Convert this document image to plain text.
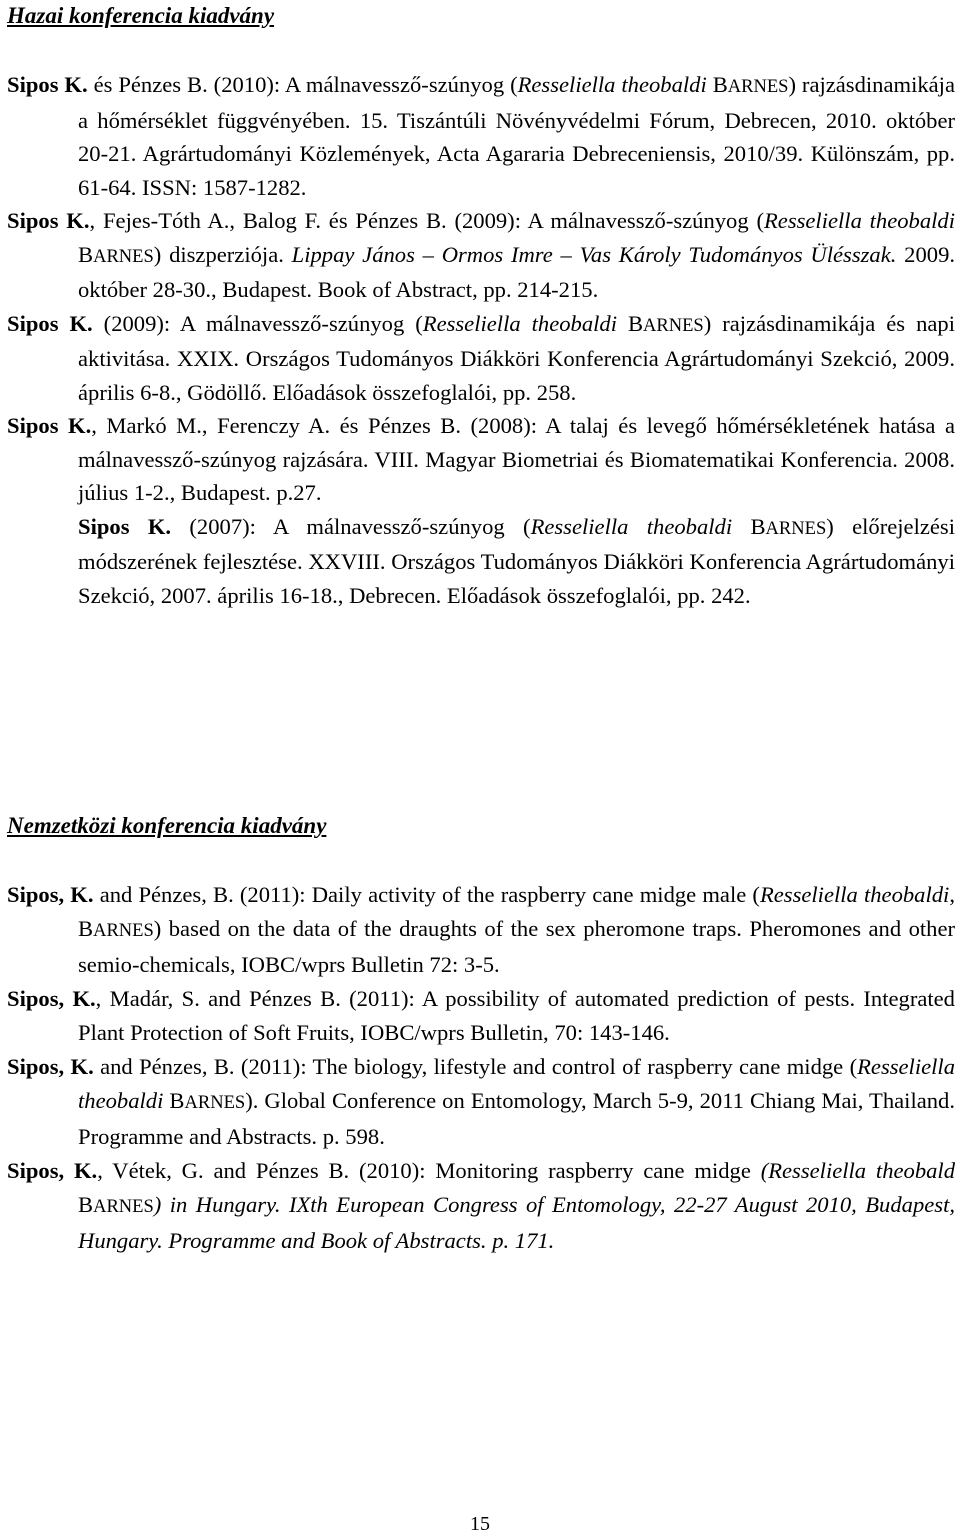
Hazai konferencia kiadvány

Sipos K. és Pénzes B. (2010): A málnavessző-szúnyog (Resseliella theobaldi BARNES) rajzásdinamikája a hőmérséklet függvényében. 15. Tiszántúli Növényvédelmi Fórum, Debrecen, 2010. október 20-21. Agrártudományi Közlemények, Acta Agararia Debreceniensis, 2010/39. Különszám, pp. 61-64. ISSN: 1587-1282.

Sipos K., Fejes-Tóth A., Balog F. és Pénzes B. (2009): A málnavessző-szúnyog (Resseliella theobaldi BARNES) diszperziója. Lippay János – Ormos Imre – Vas Károly Tudományos Ülésszak. 2009. október 28-30., Budapest. Book of Abstract, pp. 214-215.

Sipos K. (2009): A málnavessző-szúnyog (Resseliella theobaldi BARNES) rajzásdinamikája és napi aktivitása. XXIX. Országos Tudományos Diákköri Konferencia Agrártudományi Szekció, 2009. április 6-8., Gödöllő. Előadások összefoglalói, pp. 258.

Sipos K., Markó M., Ferenczy A. és Pénzes B. (2008): A talaj és levegő hőmérsékletének hatása a málnavessző-szúnyog rajzására. VIII. Magyar Biometriai és Biomatematikai Konferencia. 2008. július 1-2., Budapest. p.27.

Sipos K. (2007): A málnavessző-szúnyog (Resseliella theobaldi BARNES) előrejelzési módszerének fejlesztése. XXVIII. Országos Tudományos Diákköri Konferencia Agrártudományi Szekció, 2007. április 16-18., Debrecen. Előadások összefoglalói, pp. 242.

Nemzetközi konferencia kiadvány

Sipos, K. and Pénzes, B. (2011): Daily activity of the raspberry cane midge male (Resseliella theobaldi, BARNES) based on the data of the draughts of the sex pheromone traps. Pheromones and other semio-chemicals, IOBC/wprs Bulletin 72: 3-5.

Sipos, K., Madár, S. and Pénzes B. (2011): A possibility of automated prediction of pests. Integrated Plant Protection of Soft Fruits, IOBC/wprs Bulletin, 70: 143-146.

Sipos, K. and Pénzes, B. (2011): The biology, lifestyle and control of raspberry cane midge (Resseliella theobaldi BARNES). Global Conference on Entomology, March 5-9, 2011 Chiang Mai, Thailand. Programme and Abstracts. p. 598.

Sipos, K., Vétek, G. and Pénzes B. (2010): Monitoring raspberry cane midge (Resseliella theobald BARNES) in Hungary. IXth European Congress of Entomology, 22-27 August 2010, Budapest, Hungary. Programme and Book of Abstracts. p. 171.

15
